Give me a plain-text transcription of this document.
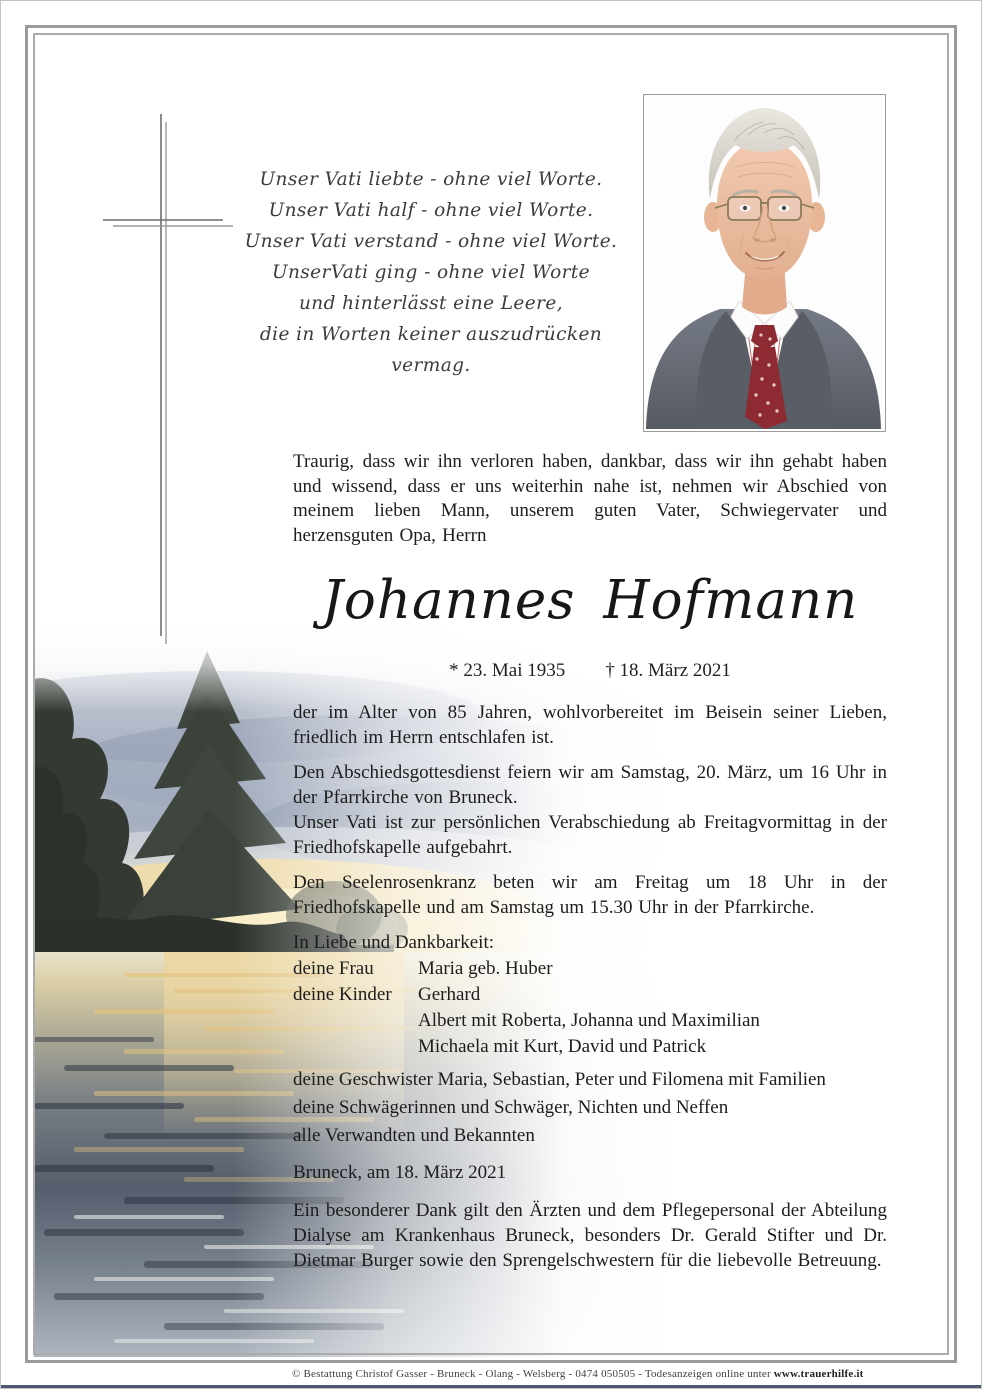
Unser Vati liebte - ohne viel Worte.
Unser Vati half - ohne viel Worte.
Unser Vati verstand - ohne viel Worte.
UnserVati ging - ohne viel Worte
und hinterlässt eine Leere,
die in Worten keiner auszudrücken vermag.
Traurig, dass wir ihn verloren haben, dankbar, dass wir ihn gehabt haben und wissend, dass er uns weiterhin nahe ist, nehmen wir Abschied von meinem lieben Mann, unserem guten Vater, Schwiegervater und herzensguten Opa, Herrn
Johannes Hofmann
* 23. Mai 1935 † 18. März 2021

der im Alter von 85 Jahren, wohlvorbereitet im Beisein seiner Lieben, friedlich im Herrn entschlafen ist.

Den Abschiedsgottesdienst feiern wir am Samstag, 20. März, um 16 Uhr in der Pfarrkirche von Bruneck.

Unser Vati ist zur persönlichen Verabschiedung ab Freitagvormittag in der Friedhofskapelle aufgebahrt.

Den Seelenrosenkranz beten wir am Freitag um 18 Uhr in der Friedhofskapelle und am Samstag um 15.30 Uhr in der Pfarrkirche.

In Liebe und Dankbarkeit:
deine Frau	Maria geb. Huber
deine Kinder	Gerhard
Albert mit Roberta, Johanna und Maximilian
Michaela mit Kurt, David und Patrick
deine Geschwister Maria, Sebastian, Peter und Filomena mit Familien
deine Schwägerinnen und Schwäger, Nichten und Neffen
alle Verwandten und Bekannten
Bruneck, am 18. März 2021

Ein besonderer Dank gilt den Ärzten und dem Pflegepersonal der Abteilung Dialyse am Krankenhaus Bruneck, besonders Dr. Gerald Stifter und Dr. Dietmar Burger sowie den Sprengelschwestern für die liebevolle Betreuung.

© Bestattung Christof Gasser - Bruneck - Olang - Welsberg - 0474 050505 - Todesanzeigen online unter www.trauerhilfe.it
